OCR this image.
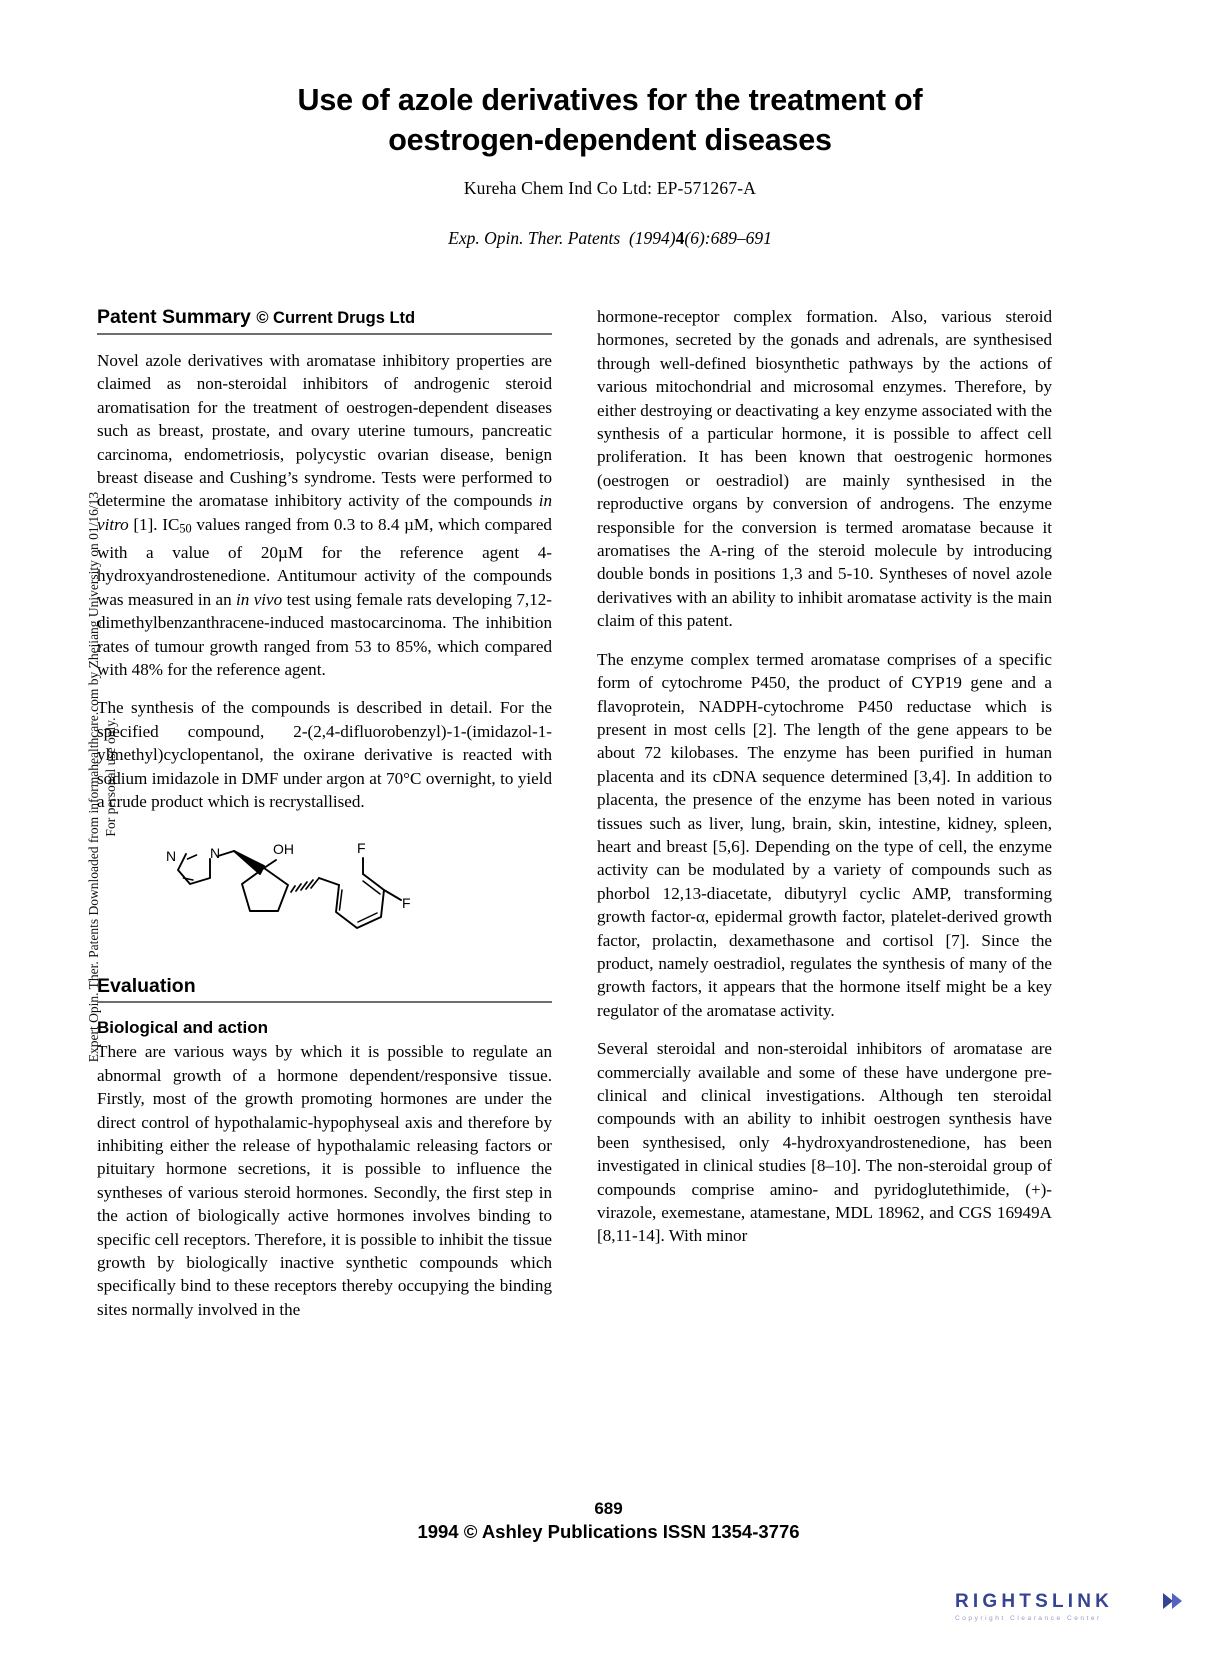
Expert Opin. Ther. Patents Downloaded from informahealthcare.com by Zhejiang University on 01/16/13 For personal use only.
Use of azole derivatives for the treatment of
oestrogen-dependent diseases
Kureha Chem Ind Co Ltd: EP-571267-A
Exp. Opin. Ther. Patents (1994)4(6):689–691
Patent Summary © Current Drugs Ltd

Novel azole derivatives with aromatase inhibitory properties are claimed as non-steroidal inhibitors of androgenic steroid aromatisation for the treatment of oestrogen-dependent diseases such as breast, prostate, and ovary uterine tumours, pancreatic carcinoma, endometriosis, polycystic ovarian disease, benign breast disease and Cushing’s syndrome. Tests were performed to determine the aromatase inhibitory activity of the compounds in vitro [1]. $IC_{50}$ values ranged from 0.3 to 8.4 µM, which compared with a value of 20µM for the reference agent 4-hydroxyandrostenedione. Antitumour activity of the compounds was measured in an in vivo test using female rats developing 7,12-dimethylbenzanthracene-induced mastocarcinoma. The inhibition rates of tumour growth ranged from 53 to 85%, which compared with 48% for the reference agent.

The synthesis of the compounds is described in detail. For the specified compound, 2-(2,4-difluorobenzyl)-1-(imidazol-1-ylmethyl)cyclopentanol, the oxirane derivative is reacted with sodium imidazole in DMF under argon at 70°C overnight, to yield a crude product which is recrystallised.

N N	OH	F
F
Evaluation
Biological and action

There are various ways by which it is possible to regulate an abnormal growth of a hormone dependent/responsive tissue. Firstly, most of the growth promoting hormones are under the direct control of hypothalamic-hypophyseal axis and therefore by inhibiting either the release of hypothalamic releasing factors or pituitary hormone secretions, it is possible to influence the syntheses of various steroid hormones. Secondly, the first step in the action of biologically active hormones involves binding to specific cell receptors. Therefore, it is possible to inhibit the tissue growth by biologically inactive synthetic compounds which specifically bind to these receptors thereby occupying the binding sites normally involved in the

hormone-receptor complex formation. Also, various steroid hormones, secreted by the gonads and adrenals, are synthesised through well-defined biosynthetic pathways by the actions of various mitochondrial and microsomal enzymes. Therefore, by either destroying or deactivating a key enzyme associated with the synthesis of a particular hormone, it is possible to affect cell proliferation. It has been known that oestrogenic hormones (oestrogen or oestradiol) are mainly synthesised in the reproductive organs by conversion of androgens. The enzyme responsible for the conversion is termed aromatase because it aromatises the A-ring of the steroid molecule by introducing double bonds in positions 1,3 and 5-10. Syntheses of novel azole derivatives with an ability to inhibit aromatase activity is the main claim of this patent.

The enzyme complex termed aromatase comprises of a specific form of cytochrome P450, the product of CYP19 gene and a flavoprotein, NADPH-cytochrome P450 reductase which is present in most cells [2]. The length of the gene appears to be about 72 kilobases. The enzyme has been purified in human placenta and its cDNA sequence determined [3,4]. In addition to placenta, the presence of the enzyme has been noted in various tissues such as liver, lung, brain, skin, intestine, kidney, spleen, heart and breast [5,6]. Depending on the type of cell, the enzyme activity can be modulated by a variety of compounds such as phorbol 12,13-diacetate, dibutyryl cyclic AMP, transforming growth factor-α, epidermal growth factor, platelet-derived growth factor, prolactin, dexamethasone and cortisol [7]. Since the product, namely oestradiol, regulates the synthesis of many of the growth factors, it appears that the hormone itself might be a key regulator of the aromatase activity.

Several steroidal and non-steroidal inhibitors of aromatase are commercially available and some of these have undergone pre-clinical and clinical investigations. Although ten steroidal compounds with an ability to inhibit oestrogen synthesis have been synthesised, only 4-hydroxyandrostenedione, has been investigated in clinical studies [8–10]. The non-steroidal group of compounds comprise amino- and pyridoglutethimide, (+)-virazole, exemestane, atamestane, MDL 18962, and CGS 16949A [8,11-14]. With minor

689
1994 © Ashley Publications ISSN 1354-3776
RIGHTSLINK
Copyright Clearance Center
